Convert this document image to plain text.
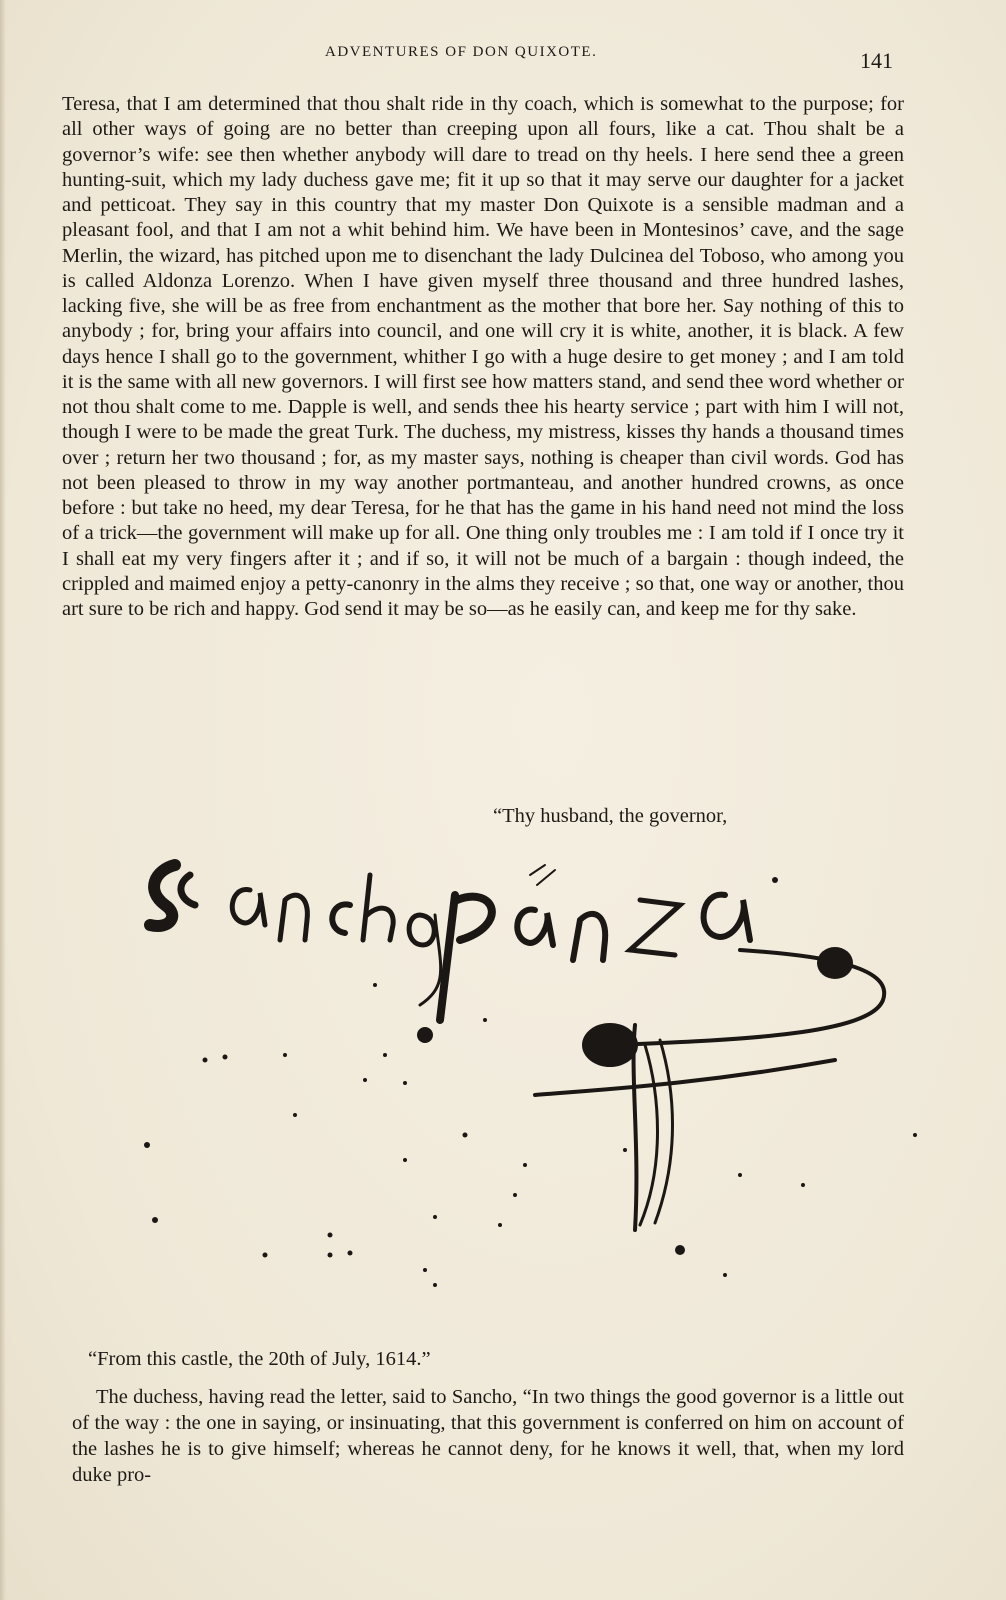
ADVENTURES OF DON QUIXOTE.	141

Teresa, that I am determined that thou shalt ride in thy coach, which is somewhat to the purpose; for all other ways of going are no better than creeping upon all fours, like a cat. Thou shalt be a governor’s wife: see then whether anybody will dare to tread on thy heels. I here send thee a green hunting-suit, which my lady duchess gave me; fit it up so that it may serve our daughter for a jacket and petticoat. They say in this country that my master Don Quixote is a sensible madman and a pleasant fool, and that I am not a whit behind him. We have been in Montesinos’ cave, and the sage Merlin, the wizard, has pitched upon me to disenchant the lady Dulcinea del Toboso, who among you is called Aldonza Lorenzo. When I have given myself three thousand and three hundred lashes, lacking five, she will be as free from enchantment as the mother that bore her. Say nothing of this to anybody ; for, bring your affairs into council, and one will cry it is white, another, it is black. A few days hence I shall go to the government, whither I go with a huge desire to get money ; and I am told it is the same with all new governors. I will first see how matters stand, and send thee word whether or not thou shalt come to me. Dapple is well, and sends thee his hearty service ; part with him I will not, though I were to be made the great Turk. The duchess, my mistress, kisses thy hands a thousand times over ; return her two thousand ; for, as my master says, nothing is cheaper than civil words. God has not been pleased to throw in my way another portmanteau, and another hundred crowns, as once before : but take no heed, my dear Teresa, for he that has the game in his hand need not mind the loss of a trick—the government will make up for all. One thing only troubles me : I am told if I once try it I shall eat my very fingers after it ; and if so, it will not be much of a bargain : though indeed, the crippled and maimed enjoy a petty-canonry in the alms they receive ; so that, one way or another, thou art sure to be rich and happy. God send it may be so—as he easily can, and keep me for thy sake.

“Thy husband, the governor,
“From this castle, the 20th of July, 1614.”

The duchess, having read the letter, said to Sancho, “In two things the good governor is a little out of the way : the one in saying, or insinuating, that this government is conferred on him on account of the lashes he is to give himself; whereas he cannot deny, for he knows it well, that, when my lord duke pro-
